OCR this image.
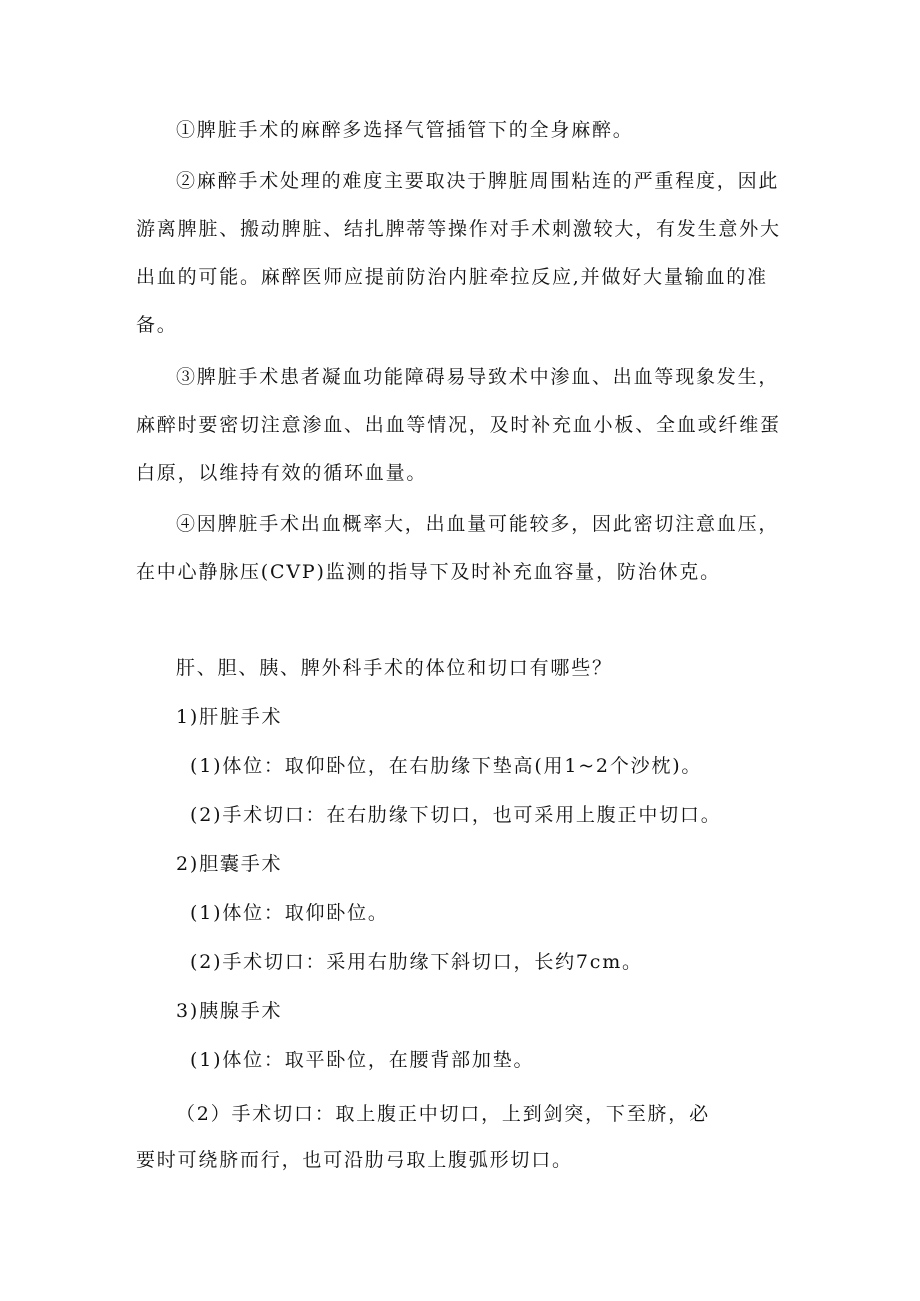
①脾脏手术的麻醉多选择气管插管下的全身麻醉。
②麻醉手术处理的难度主要取决于脾脏周围粘连的严重程度，因此游离脾脏、搬动脾脏、结扎脾蒂等操作对手术刺激较大，有发生意外大出血的可能。麻醉医师应提前防治内脏牵拉反应,并做好大量输血的准备。
③脾脏手术患者凝血功能障碍易导致术中渗血、出血等现象发生，麻醉时要密切注意渗血、出血等情况，及时补充血小板、全血或纤维蛋白原，以维持有效的循环血量。
④因脾脏手术出血概率大，出血量可能较多，因此密切注意血压，在中心静脉压(CVP)监测的指导下及时补充血容量，防治休克。
肝、胆、胰、脾外科手术的体位和切口有哪些？
1)肝脏手术
(1)体位：取仰卧位，在右肋缘下垫高(用1~2个沙枕)。
(2)手术切口：在右肋缘下切口，也可采用上腹正中切口。
2)胆囊手术
(1)体位：取仰卧位。
(2)手术切口：采用右肋缘下斜切口，长约7cm。
3)胰腺手术
(1)体位：取平卧位，在腰背部加垫。
（2）手术切口：取上腹正中切口，上到剑突，下至脐，必
要时可绕脐而行，也可沿肋弓取上腹弧形切口。
